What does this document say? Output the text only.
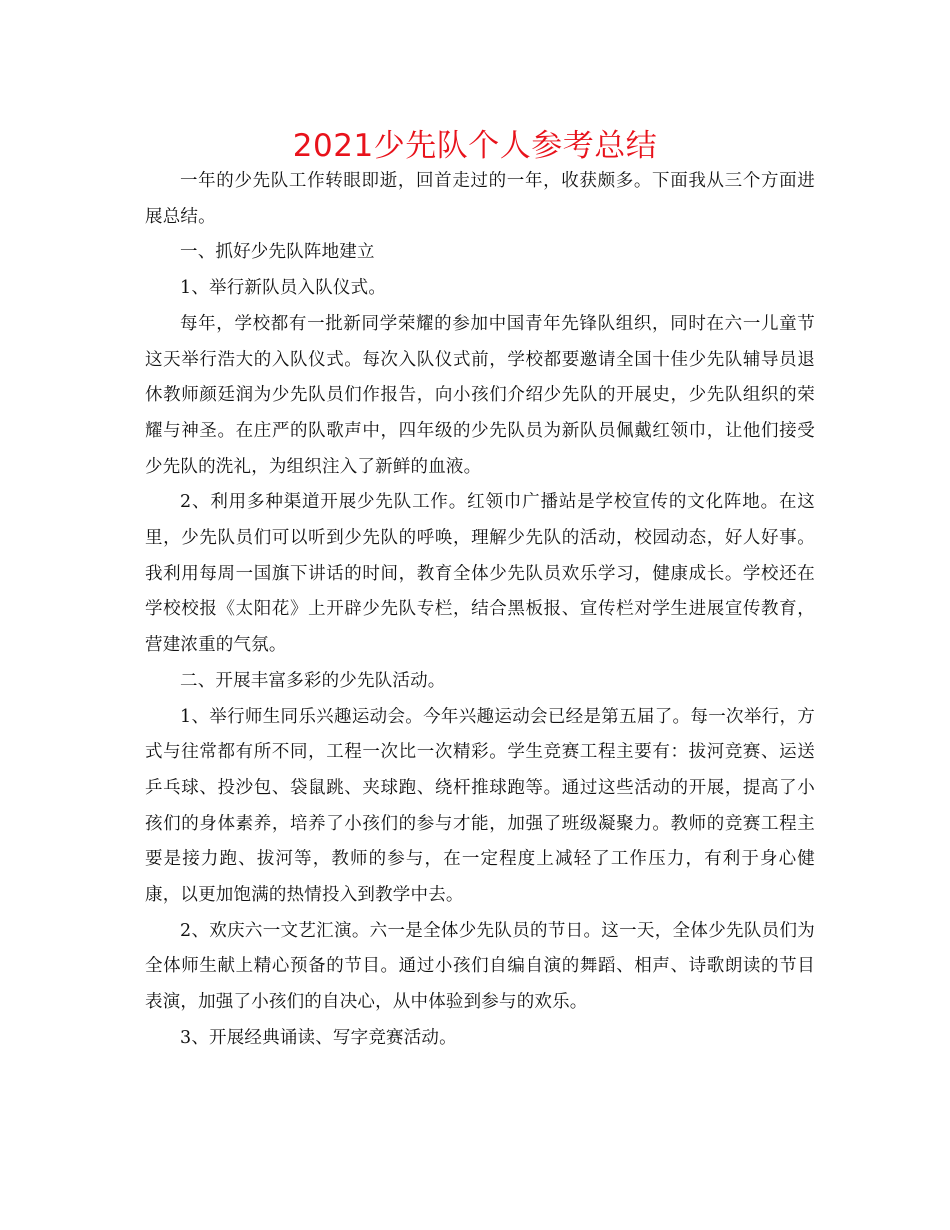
2021少先队个人参考总结

一年的少先队工作转眼即逝，回首走过的一年，收获颇多。下面我从三个方面进展总结。

一、抓好少先队阵地建立

1、举行新队员入队仪式。

每年，学校都有一批新同学荣耀的参加中国青年先锋队组织，同时在六一儿童节这天举行浩大的入队仪式。每次入队仪式前，学校都要邀请全国十佳少先队辅导员退休教师颜廷润为少先队员们作报告，向小孩们介绍少先队的开展史，少先队组织的荣耀与神圣。在庄严的队歌声中，四年级的少先队员为新队员佩戴红领巾，让他们接受少先队的洗礼，为组织注入了新鲜的血液。

2、利用多种渠道开展少先队工作。红领巾广播站是学校宣传的文化阵地。在这里，少先队员们可以听到少先队的呼唤，理解少先队的活动，校园动态，好人好事。我利用每周一国旗下讲话的时间，教育全体少先队员欢乐学习，健康成长。学校还在学校校报《太阳花》上开辟少先队专栏，结合黑板报、宣传栏对学生进展宣传教育，营建浓重的气氛。

二、开展丰富多彩的少先队活动。

1、举行师生同乐兴趣运动会。今年兴趣运动会已经是第五届了。每一次举行，方式与往常都有所不同，工程一次比一次精彩。学生竞赛工程主要有：拔河竞赛、运送乒乓球、投沙包、袋鼠跳、夹球跑、绕杆推球跑等。通过这些活动的开展，提高了小孩们的身体素养，培养了小孩们的参与才能，加强了班级凝聚力。教师的竞赛工程主要是接力跑、拔河等，教师的参与，在一定程度上减轻了工作压力，有利于身心健康，以更加饱满的热情投入到教学中去。

2、欢庆六一文艺汇演。六一是全体少先队员的节日。这一天，全体少先队员们为全体师生献上精心预备的节目。通过小孩们自编自演的舞蹈、相声、诗歌朗读的节目表演，加强了小孩们的自决心，从中体验到参与的欢乐。

3、开展经典诵读、写字竞赛活动。
